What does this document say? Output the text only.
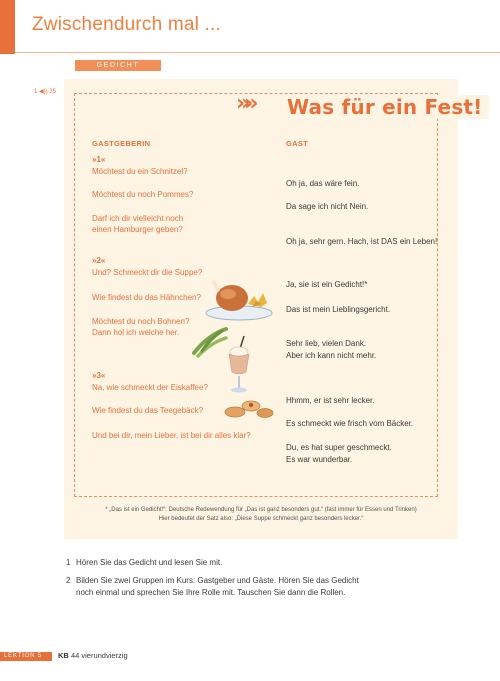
Zwischendurch mal ...
GEDICHT
1 ◀)) 25	»» Was für ein Fest!
GASTGEBERIN	GAST
»1«
Möchtest du ein Schnitzel?
Oh ja, das wäre fein.
Möchtest du noch Pommes?
Da sage ich nicht Nein.
Darf ich dir vielleicht noch
einen Hamburger geben?
Oh ja, sehr gern. Hach, ist DAS ein Leben!
»2«
Und? Schmeckt dir die Suppe?
Ja, sie ist ein Gedicht!*
Wie findest du das Hähnchen?
Das ist mein Lieblingsgericht.
Möchtest du noch Bohnen?
Dann hol ich welche her.
Sehr lieb, vielen Dank.
Aber ich kann nicht mehr.
»3«
Na, wie schmeckt der Eiskaffee?
Hhmm, er ist sehr lecker.
Wie findest du das Teegebäck?
Es schmeckt wie frisch vom Bäcker.
Und bei dir, mein Lieber, ist bei dir alles klar?
Du, es hat super geschmeckt.
Es war wunderbar.
* „Das ist ein Gedicht!“: Deutsche Redewendung für „Das ist ganz besonders gut.“ (fast immer für Essen und Trinken)
Hier bedeutet der Satz also: „Diese Suppe schmeckt ganz besonders lecker.“
1 Hören Sie das Gedicht und lesen Sie mit.
2 Bilden Sie zwei Gruppen im Kurs: Gastgeber und Gäste. Hören Sie das Gedicht
noch einmal und sprechen Sie Ihre Rolle mit. Tauschen Sie dann die Rollen.
LEKTION 5	KB 44 vierundvierzig
